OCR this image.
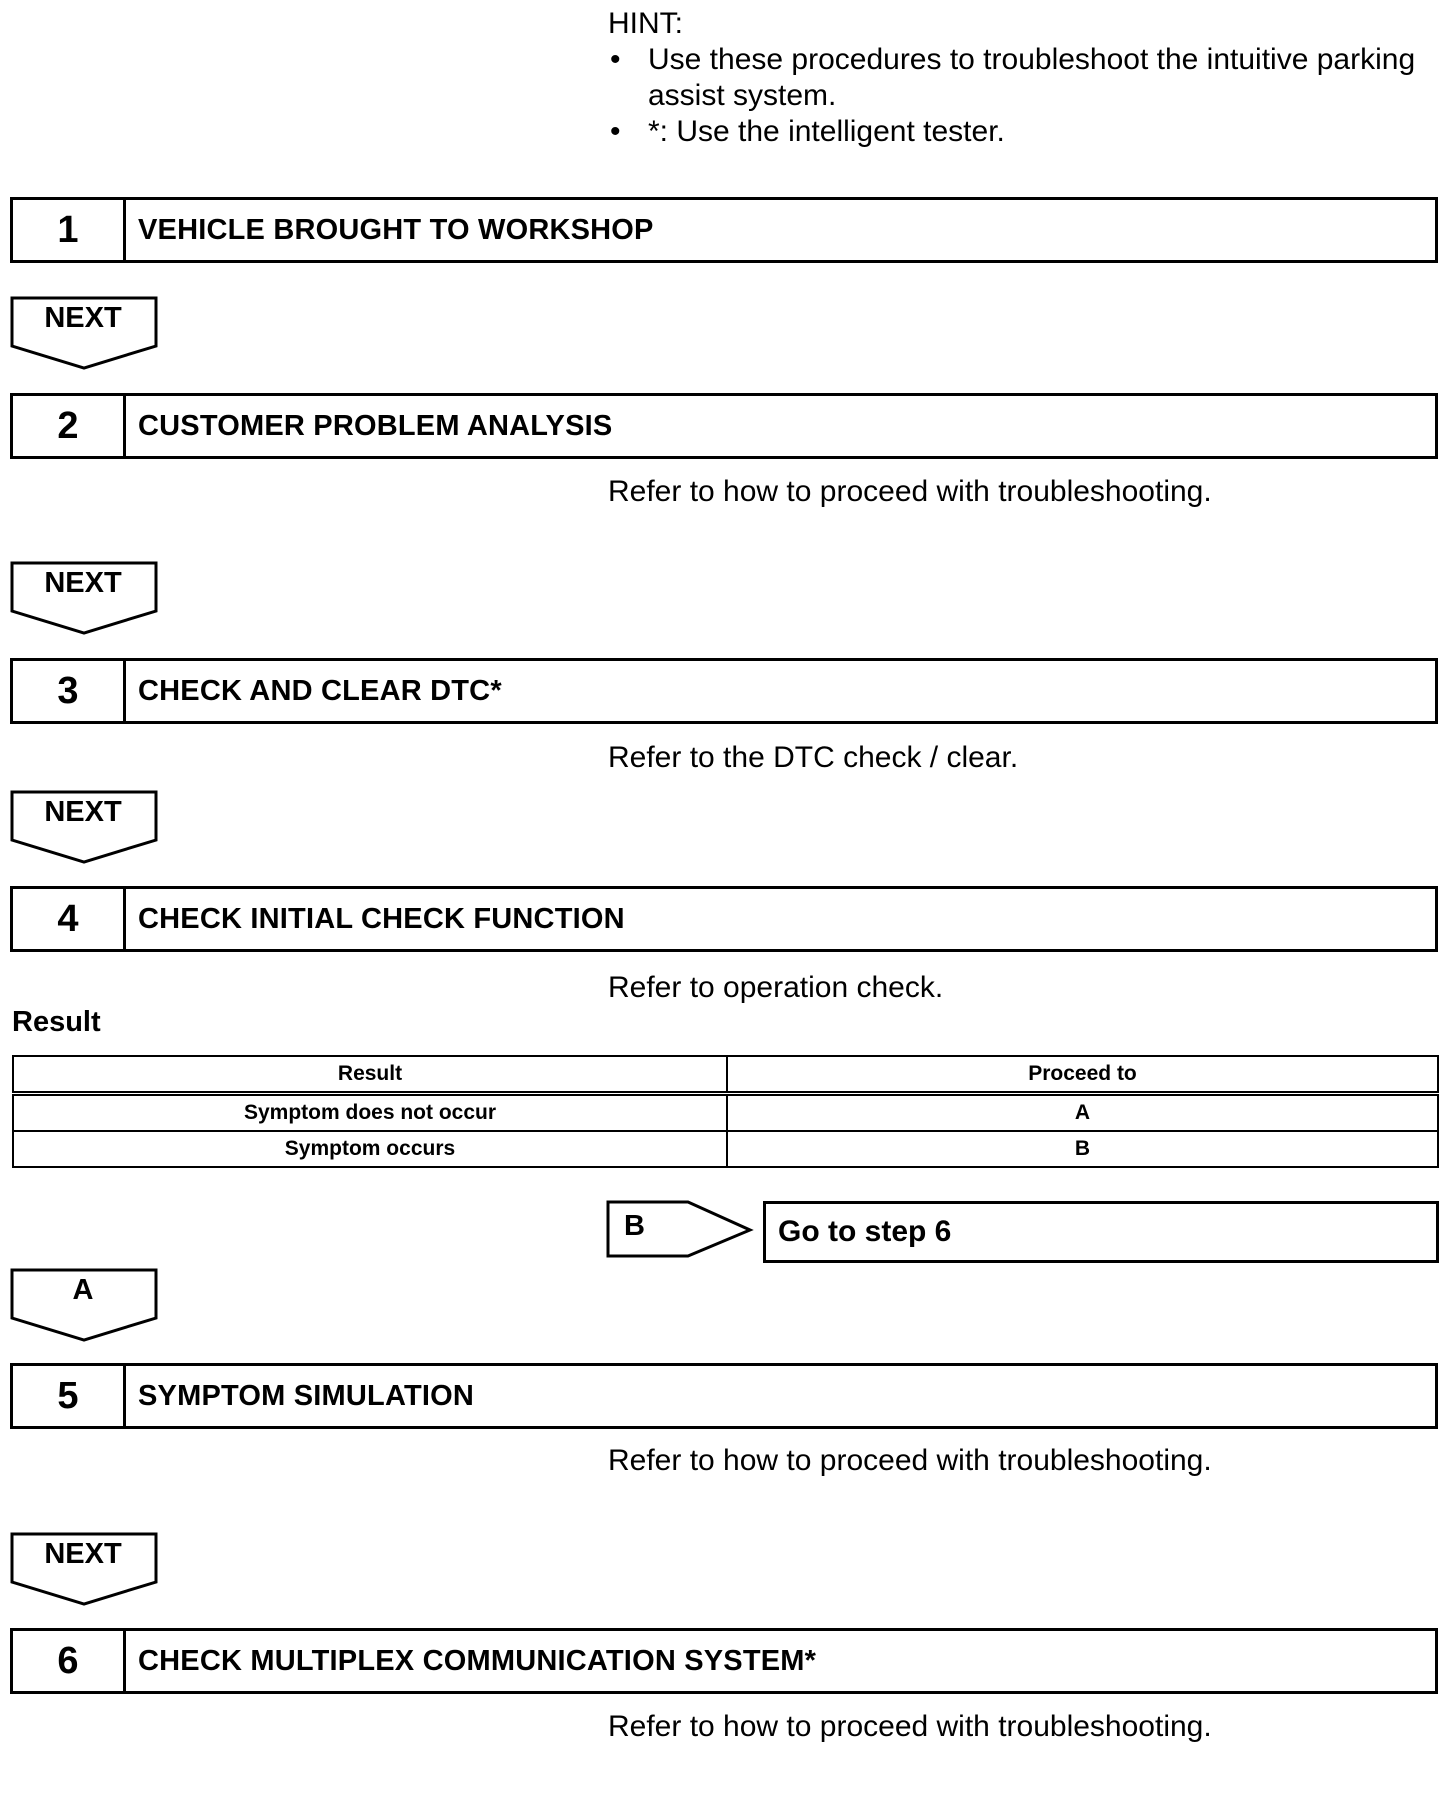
HINT:
• Use these procedures to troubleshoot the intuitive parking assist system.
• *: Use the intelligent tester.
1	VEHICLE BROUGHT TO WORKSHOP
NEXT
2	CUSTOMER PROBLEM ANALYSIS
Refer to how to proceed with troubleshooting.
NEXT
3	CHECK AND CLEAR DTC*
Refer to the DTC check / clear.
NEXT
4	CHECK INITIAL CHECK FUNCTION
Refer to operation check.
Result
Result	Proceed to
Symptom does not occur	A
Symptom occurs	B
B	Go to step 6
A
5	SYMPTOM SIMULATION
Refer to how to proceed with troubleshooting.
NEXT
6	CHECK MULTIPLEX COMMUNICATION SYSTEM*
Refer to how to proceed with troubleshooting.
